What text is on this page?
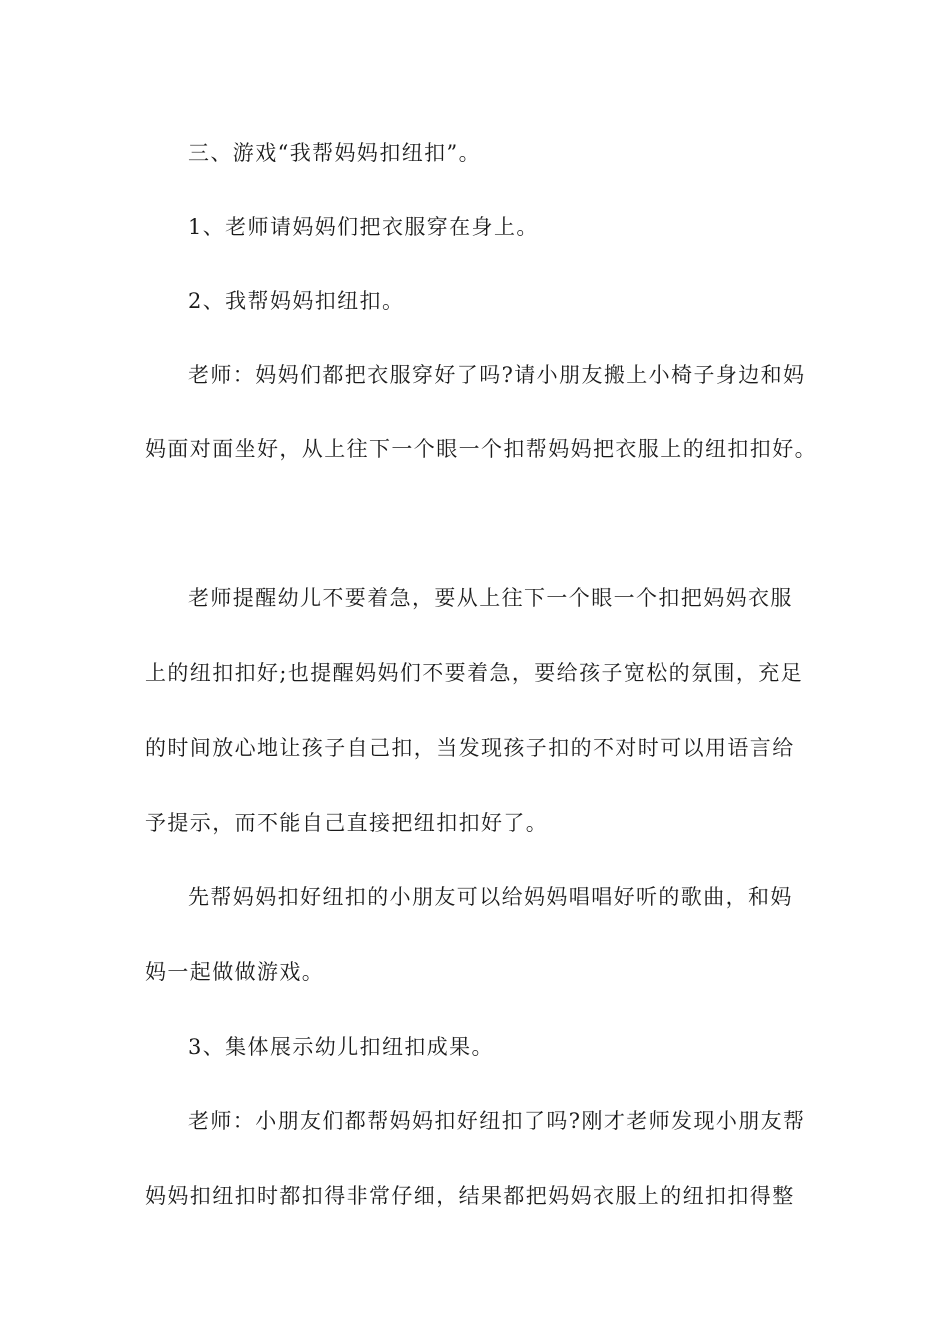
三、游戏“我帮妈妈扣纽扣”。
1、老师请妈妈们把衣服穿在身上。
2、我帮妈妈扣纽扣。
老师：妈妈们都把衣服穿好了吗?请小朋友搬上小椅子身边和妈
妈面对面坐好，从上往下一个眼一个扣帮妈妈把衣服上的纽扣扣好。
老师提醒幼儿不要着急，要从上往下一个眼一个扣把妈妈衣服
上的纽扣扣好;也提醒妈妈们不要着急，要给孩子宽松的氛围，充足
的时间放心地让孩子自己扣，当发现孩子扣的不对时可以用语言给
予提示，而不能自己直接把纽扣扣好了。
先帮妈妈扣好纽扣的小朋友可以给妈妈唱唱好听的歌曲，和妈
妈一起做做游戏。
3、集体展示幼儿扣纽扣成果。
老师：小朋友们都帮妈妈扣好纽扣了吗?刚才老师发现小朋友帮
妈妈扣纽扣时都扣得非常仔细，结果都把妈妈衣服上的纽扣扣得整
